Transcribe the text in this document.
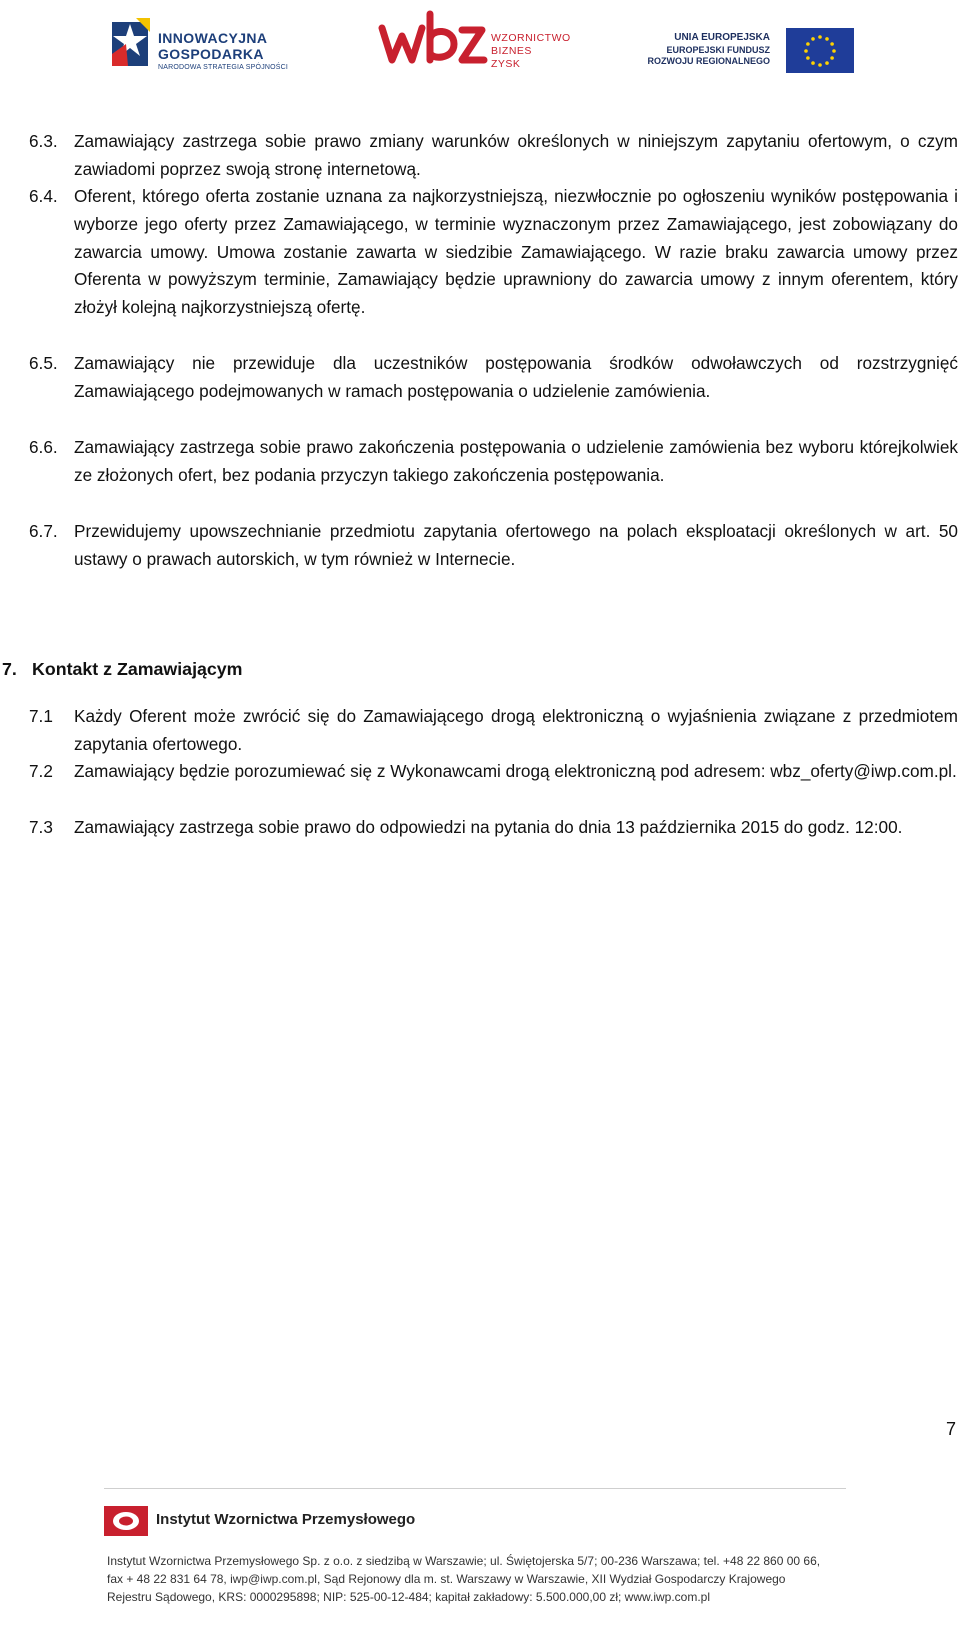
INNOWACYJNA
GOSPODARKA
NARODOWA STRATEGIA SPÓJNOŚCI
WZORNICTWO
BIZNES
ZYSK
UNIA EUROPEJSKA
EUROPEJSKI FUNDUSZ
ROZWOJU REGIONALNEGO
6.3. Zamawiający zastrzega sobie prawo zmiany warunków określonych w niniejszym zapytaniu ofertowym, o czym zawiadomi poprzez swoją stronę internetową.

6.4. Oferent, którego oferta zostanie uznana za najkorzystniejszą, niezwłocznie po ogłoszeniu wyników postępowania i wyborze jego oferty przez Zamawiającego, w terminie wyznaczonym przez Zamawiającego, jest zobowiązany do zawarcia umowy. Umowa zostanie zawarta w siedzibie Zamawiającego. W razie braku zawarcia umowy przez Oferenta w powyższym terminie, Zamawiający będzie uprawniony do zawarcia umowy z innym oferentem, który złożył kolejną najkorzystniejszą ofertę.

6.5. Zamawiający nie przewiduje dla uczestników postępowania środków odwoławczych od rozstrzygnięć Zamawiającego podejmowanych w ramach postępowania o udzielenie zamówienia.

6.6. Zamawiający zastrzega sobie prawo zakończenia postępowania o udzielenie zamówienia bez wyboru którejkolwiek ze złożonych ofert, bez podania przyczyn takiego zakończenia postępowania.

6.7. Przewidujemy upowszechnianie przedmiotu zapytania ofertowego na polach eksploatacji określonych w art. 50 ustawy o prawach autorskich, w tym również w Internecie.

7. Kontakt z Zamawiającym
7.1 Każdy Oferent może zwrócić się do Zamawiającego drogą elektroniczną o wyjaśnienia związane z przedmiotem zapytania ofertowego.

7.2 Zamawiający będzie porozumiewać się z Wykonawcami drogą elektroniczną pod adresem: wbz_oferty@iwp.com.pl.

7.3 Zamawiający zastrzega sobie prawo do odpowiedzi na pytania do dnia 13 października 2015 do godz. 12:00.

7
Instytut Wzornictwa Przemysłowego
Instytut Wzornictwa Przemysłowego Sp. z o.o. z siedzibą w Warszawie; ul. Świętojerska 5/7; 00-236 Warszawa; tel. +48 22 860 00 66,
fax + 48 22 831 64 78, iwp@iwp.com.pl, Sąd Rejonowy dla m. st. Warszawy w Warszawie, XII Wydział Gospodarczy Krajowego
Rejestru Sądowego, KRS: 0000295898; NIP: 525-00-12-484; kapitał zakładowy: 5.500.000,00 zł; www.iwp.com.pl
